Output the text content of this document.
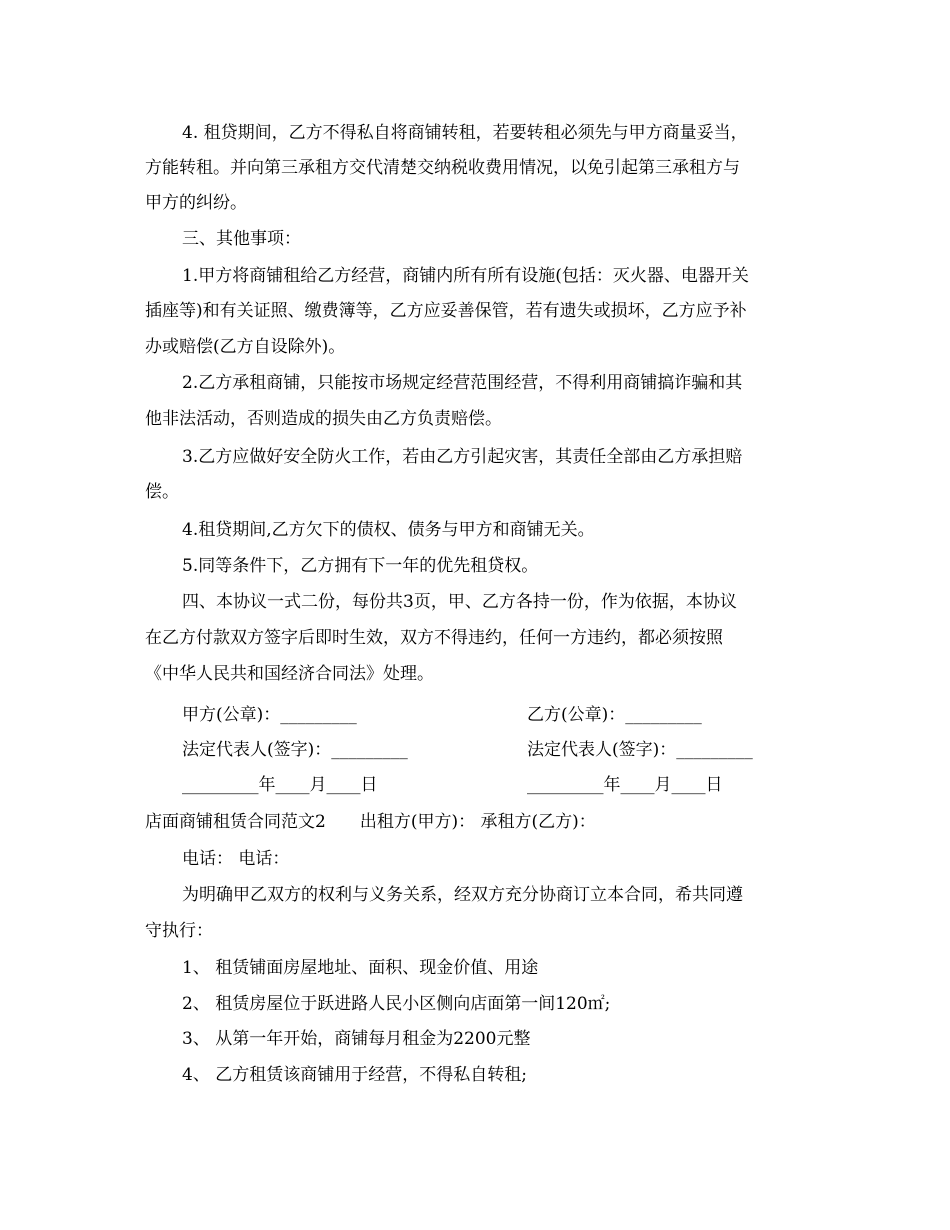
4. 租贷期间，乙方不得私自将商铺转租，若要转租必须先与甲方商量妥当，
方能转租。并向第三承租方交代清楚交纳税收费用情况，以免引起第三承租方与
甲方的纠纷。
三、其他事项：
1.甲方将商铺租给乙方经营，商铺内所有所有设施(包括：灭火器、电器开关
插座等)和有关证照、缴费簿等，乙方应妥善保管，若有遗失或损坏，乙方应予补
办或赔偿(乙方自设除外)。
2.乙方承租商铺，只能按市场规定经营范围经营，不得利用商铺搞诈骗和其
他非法活动，否则造成的损失由乙方负责赔偿。
3.乙方应做好安全防火工作，若由乙方引起灾害，其责任全部由乙方承担赔
偿。
4.租贷期间,乙方欠下的债权、债务与甲方和商铺无关。
5.同等条件下，乙方拥有下一年的优先租贷权。
四、本协议一式二份，每份共3页，甲、乙方各持一份，作为依据，本协议
在乙方付款双方签字后即时生效，双方不得违约，任何一方违约，都必须按照
《中华人民共和国经济合同法》处理。
甲方(公章)：_________	乙方(公章)：_________
法定代表人(签字)：_________	法定代表人(签字)：_________
_________年____月____日	_________年____月____日
店面商铺租赁合同范文2　　出租方(甲方)： 承租方(乙方)：
电话： 电话：
为明确甲乙双方的权利与义务关系，经双方充分协商订立本合同，希共同遵
守执行：
1、 租赁铺面房屋地址、面积、现金价值、用途
2、 租赁房屋位于跃进路人民小区侧向店面第一间120㎡;
3、 从第一年开始，商铺每月租金为2200元整
4、 乙方租赁该商铺用于经营，不得私自转租;
